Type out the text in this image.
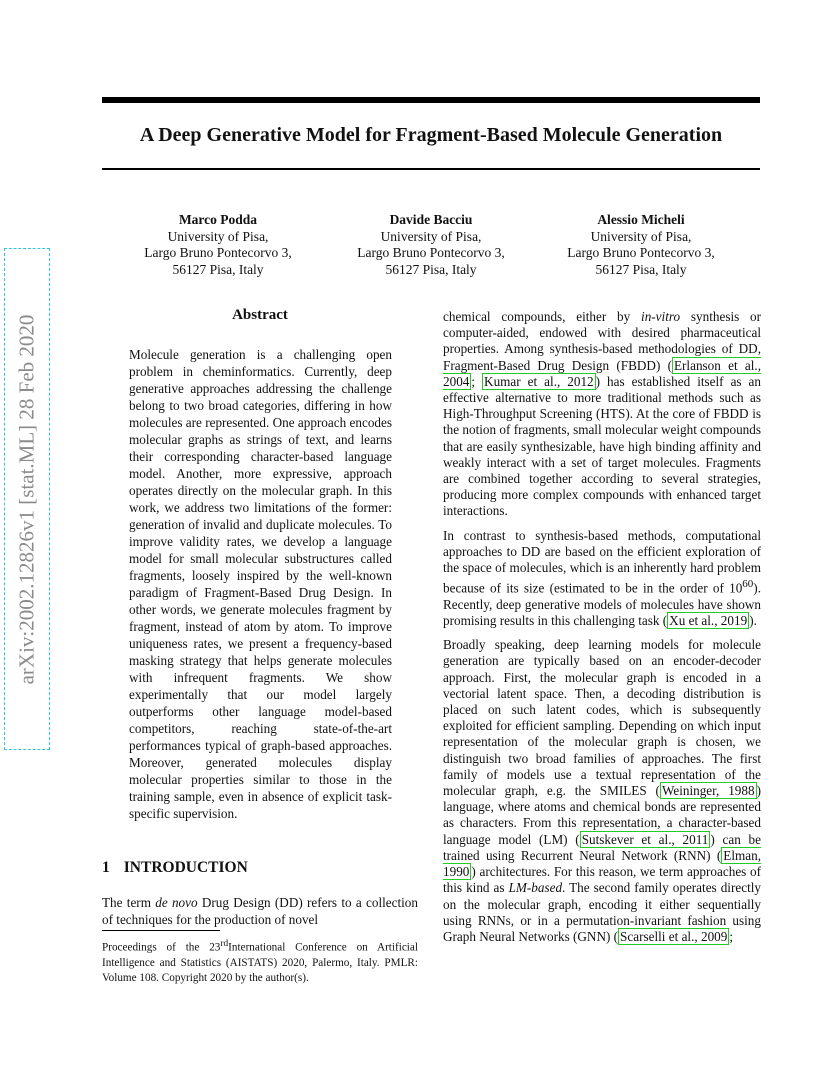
A Deep Generative Model for Fragment-Based Molecule Generation
Marco Podda
University of Pisa,
Largo Bruno Pontecorvo 3,
56127 Pisa, Italy
Davide Bacciu
University of Pisa,
Largo Bruno Pontecorvo 3,
56127 Pisa, Italy
Alessio Micheli
University of Pisa,
Largo Bruno Pontecorvo 3,
56127 Pisa, Italy
arXiv:2002.12826v1 [stat.ML] 28 Feb 2020	Abstract

Molecule generation is a challenging open problem in cheminformatics. Currently, deep generative approaches addressing the challenge belong to two broad categories, differing in how molecules are represented. One approach encodes molecular graphs as strings of text, and learns their corresponding character-based language model. Another, more expressive, approach operates directly on the molecular graph. In this work, we address two limitations of the former: generation of invalid and duplicate molecules. To improve validity rates, we develop a language model for small molecular substructures called fragments, loosely inspired by the well-known paradigm of Fragment-Based Drug Design. In other words, we generate molecules fragment by fragment, instead of atom by atom. To improve uniqueness rates, we present a frequency-based masking strategy that helps generate molecules with infrequent fragments. We show experimentally that our model largely outperforms other language model-based competitors, reaching state-of-the-art performances typical of graph-based approaches. Moreover, generated molecules display molecular properties similar to those in the training sample, even in absence of explicit task-specific supervision.

1 INTRODUCTION

The term de novo Drug Design (DD) refers to a collection of techniques for the production of novel

Proceedings of the 23rdInternational Conference on Artificial Intelligence and Statistics (AISTATS) 2020, Palermo, Italy. PMLR: Volume 108. Copyright 2020 by the author(s).

chemical compounds, either by in-vitro synthesis or computer-aided, endowed with desired pharmaceutical properties. Among synthesis-based methodologies of DD, Fragment-Based Drug Design (FBDD) ( Erlanson et al., 2004 ; Kumar et al., 2012 ) has established itself as an effective alternative to more traditional methods such as High-Throughput Screening (HTS). At the core of FBDD is the notion of fragments, small molecular weight compounds that are easily synthesizable, have high binding affinity and weakly interact with a set of target molecules. Fragments are combined together according to several strategies, producing more complex compounds with enhanced target interactions.

In contrast to synthesis-based methods, computational approaches to DD are based on the efficient exploration of the space of molecules, which is an inherently hard problem because of its size (estimated to be in the order of $10^{60}$). Recently, deep generative models of molecules have shown promising results in this challenging task ( Xu et al., 2019 ).

Broadly speaking, deep learning models for molecule generation are typically based on an encoder-decoder approach. First, the molecular graph is encoded in a vectorial latent space. Then, a decoding distribution is placed on such latent codes, which is subsequently exploited for efficient sampling. Depending on which input representation of the molecular graph is chosen, we distinguish two broad families of approaches. The first family of models use a textual representation of the molecular graph, e.g. the SMILES ( Weininger, 1988 ) language, where atoms and chemical bonds are represented as characters. From this representation, a character-based language model (LM) ( Sutskever et al., 2011 ) can be trained using Recurrent Neural Network (RNN) ( Elman, 1990 ) architectures. For this reason, we term approaches of this kind as LM-based. The second family operates directly on the molecular graph, encoding it either sequentially using RNNs, or in a permutation-invariant fashion using Graph Neural Networks (GNN) ( Scarselli et al., 2009 ;
